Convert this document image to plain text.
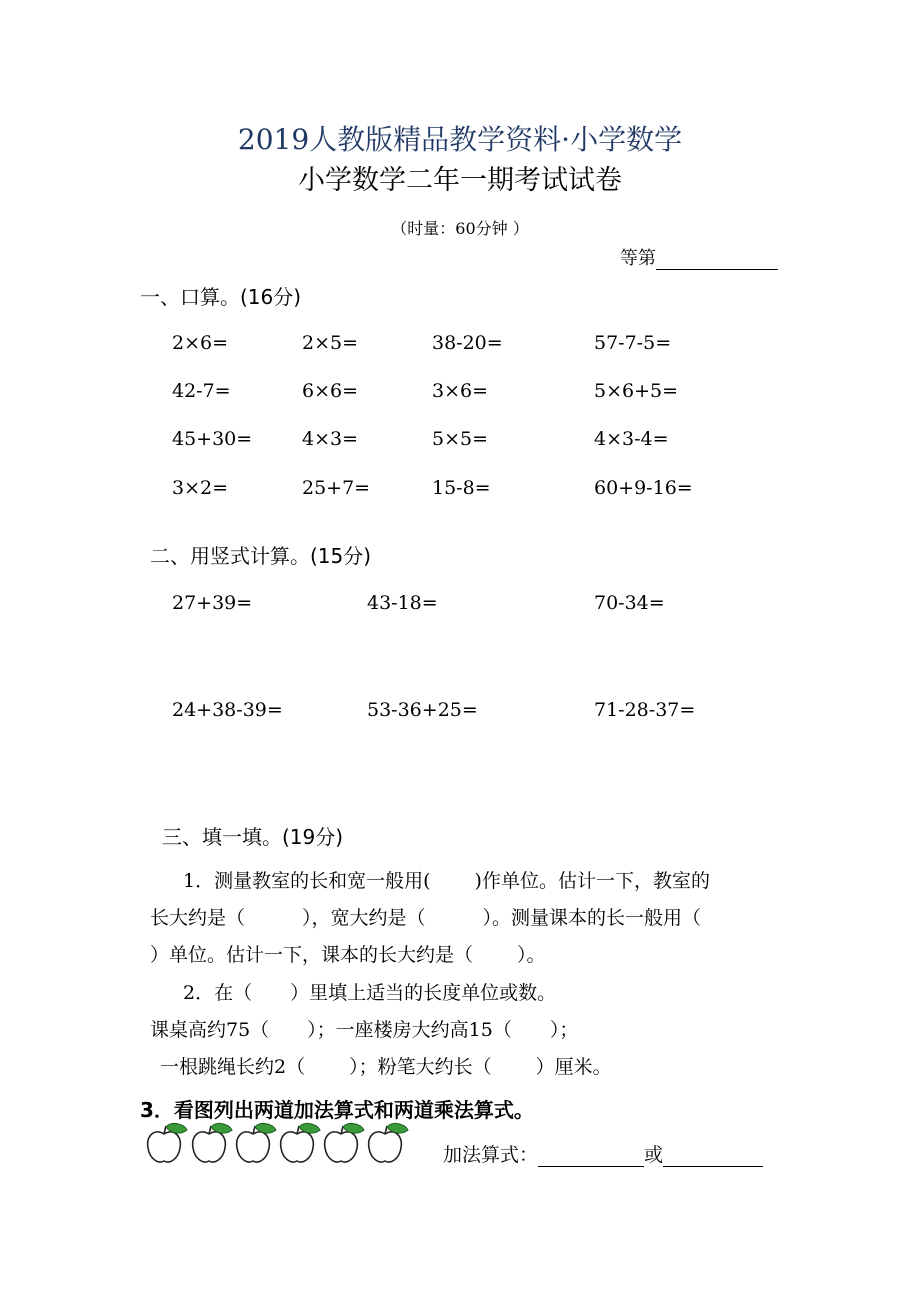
2019人教版精品教学资料·小学数学
小学数学二年一期考试试卷
（时量：60分钟 ）
等第
一、口算。(16分)
2×6=	2×5=	38-20=	57-7-5=
42-7=	6×6=	3×6=	5×6+5=
45+30=	4×3=	5×5=	4×3-4=
3×2=	25+7=	15-8=	60+9-16=
二、用竖式计算。(15分)
27+39=	43-18=	70-34=
24+38-39=	53-36+25=	71-28-37=
三、填一填。(19分)
1．测量教室的长和宽一般用(　　 )作单位。估计一下，教室的
长大约是（　　　），宽大约是（　　　）。测量课本的长一般用（
）单位。估计一下，课本的长大约是（　　 ）。
2．在（　　）里填上适当的长度单位或数。
课桌高约75（　　）；一座楼房大约高15（　　）；
一根跳绳长约2（　　 ）；粉笔大约长（　　 ）厘米。
3．看图列出两道加法算式和两道乘法算式。
加法算式：	或
